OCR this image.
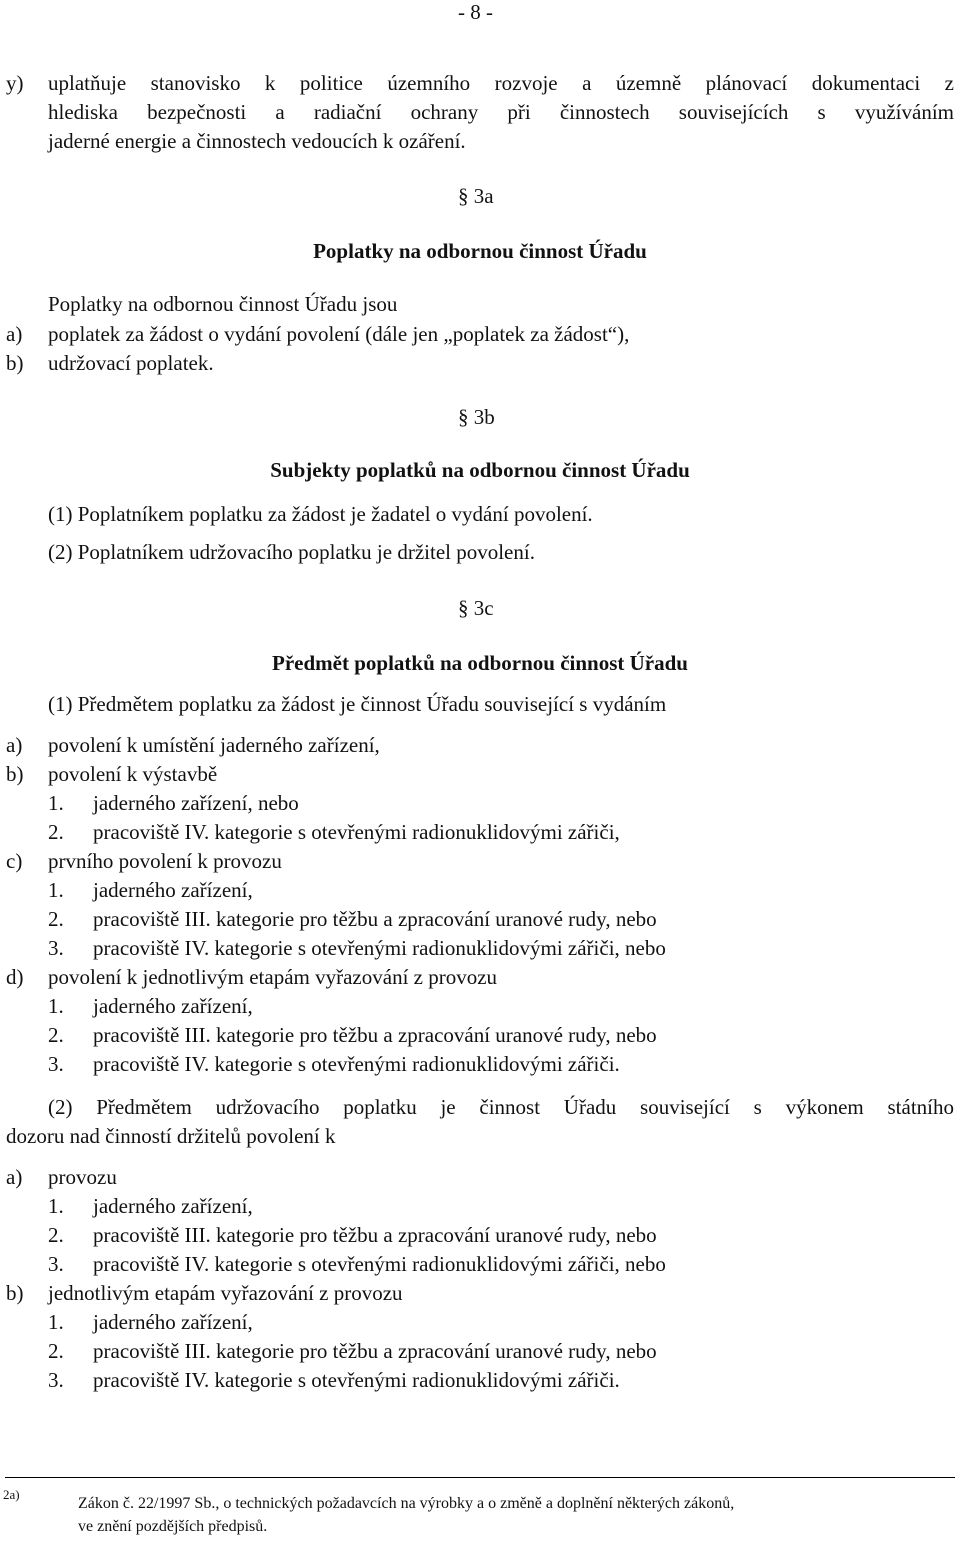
- 8 -
y) uplatňuje stanovisko k politice územního rozvoje a územně plánovací dokumentaci z
hlediska bezpečnosti a radiační ochrany při činnostech souvisejících s využíváním
jaderné energie a činnostech vedoucích k ozáření.
§ 3a
Poplatky na odbornou činnost Úřadu
Poplatky na odbornou činnost Úřadu jsou
a) poplatek za žádost o vydání povolení (dále jen „poplatek za žádost“),
b) udržovací poplatek.
§ 3b
Subjekty poplatků na odbornou činnost Úřadu
(1) Poplatníkem poplatku za žádost je žadatel o vydání povolení.
(2) Poplatníkem udržovacího poplatku je držitel povolení.
§ 3c
Předmět poplatků na odbornou činnost Úřadu
(1) Předmětem poplatku za žádost je činnost Úřadu související s vydáním
a) povolení k umístění jaderného zařízení,
b) povolení k výstavbě
1. jaderného zařízení, nebo
2. pracoviště IV. kategorie s otevřenými radionuklidovými zářiči,
c) prvního povolení k provozu
1. jaderného zařízení,
2. pracoviště III. kategorie pro těžbu a zpracování uranové rudy, nebo
3. pracoviště IV. kategorie s otevřenými radionuklidovými zářiči, nebo
d) povolení k jednotlivým etapám vyřazování z provozu
1. jaderného zařízení,
2. pracoviště III. kategorie pro těžbu a zpracování uranové rudy, nebo
3. pracoviště IV. kategorie s otevřenými radionuklidovými zářiči.
(2) Předmětem udržovacího poplatku je činnost Úřadu související s výkonem státního
dozoru nad činností držitelů povolení k
a) provozu
1. jaderného zařízení,
2. pracoviště III. kategorie pro těžbu a zpracování uranové rudy, nebo
3. pracoviště IV. kategorie s otevřenými radionuklidovými zářiči, nebo
b) jednotlivým etapám vyřazování z provozu
1. jaderného zařízení,
2. pracoviště III. kategorie pro těžbu a zpracování uranové rudy, nebo
3. pracoviště IV. kategorie s otevřenými radionuklidovými zářiči.
2a)
Zákon č. 22/1997 Sb., o technických požadavcích na výrobky a o změně a doplnění některých zákonů,
ve znění pozdějších předpisů.
